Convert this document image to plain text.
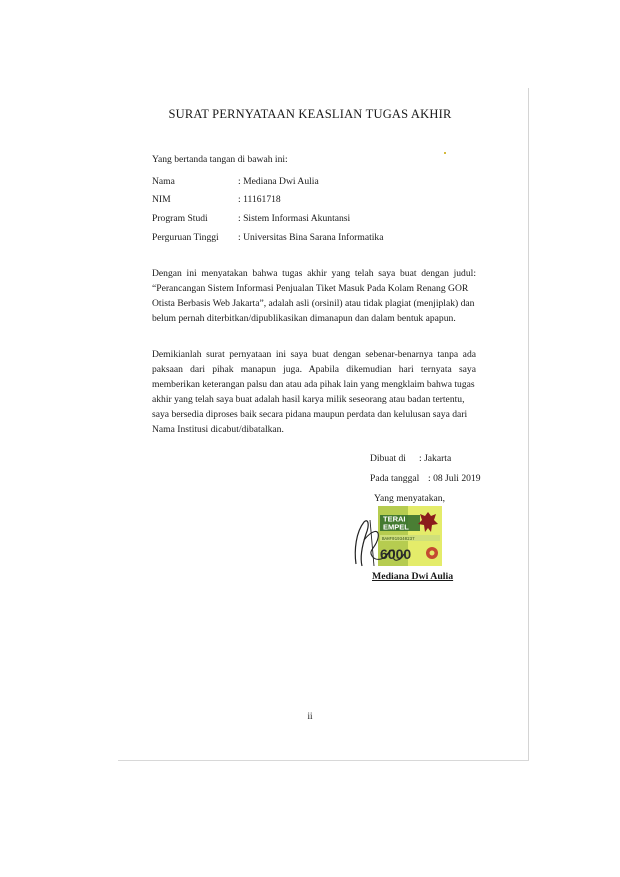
SURAT PERNYATAAN KEASLIAN TUGAS AKHIR
Yang bertanda tangan di bawah ini:
Nama	: Mediana Dwi Aulia
NIM	: 11161718
Program Studi	: Sistem Informasi Akuntansi
Perguruan Tinggi : Universitas Bina Sarana Informatika
Dengan ini menyatakan bahwa tugas akhir yang telah saya buat dengan judul:
“Perancangan Sistem Informasi Penjualan Tiket Masuk Pada Kolam Renang GOR
Otista Berbasis Web Jakarta”, adalah asli (orsinil) atau tidak plagiat (menjiplak) dan
belum pernah diterbitkan/dipublikasikan dimanapun dan dalam bentuk apapun.
Demikianlah surat pernyataan ini saya buat dengan sebenar-benarnya tanpa ada
paksaan dari pihak manapun juga. Apabila dikemudian hari ternyata saya
memberikan keterangan palsu dan atau ada pihak lain yang mengklaim bahwa tugas
akhir yang telah saya buat adalah hasil karya milik seseorang atau badan tertentu,
saya bersedia diproses baik secara pidana maupun perdata dan kelulusan saya dari
Nama Institusi dicabut/dibatalkan.
Dibuat di : Jakarta
Pada tanggal : 08 Juli 2019
Yang menyatakan,
TERAI
EMPEL
BAHF019340237
6000
Mediana Dwi Aulia
ii
